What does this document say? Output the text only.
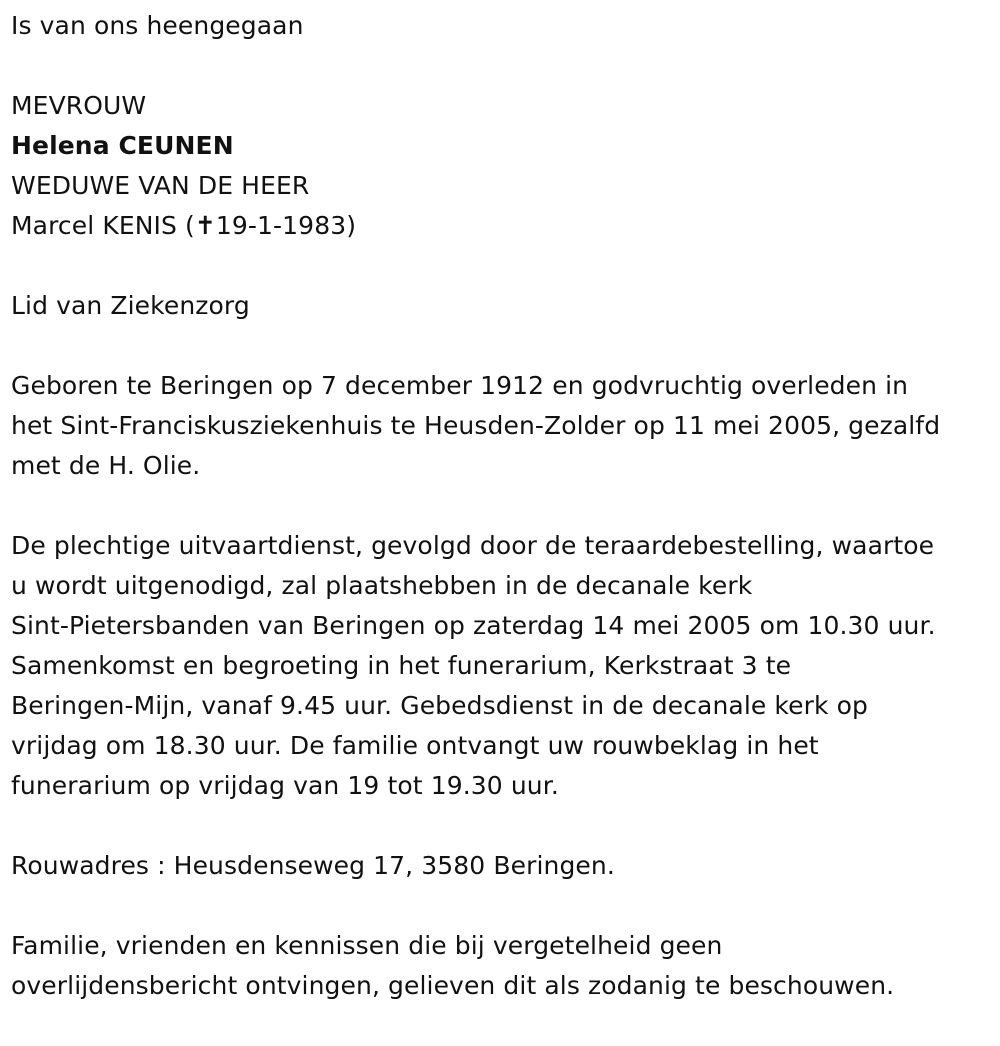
Is van ons heengegaan
MEVROUW
Helena CEUNEN
WEDUWE VAN DE HEER
Marcel KENIS (✝19-1-1983)
Lid van Ziekenzorg
Geboren te Beringen op 7 december 1912 en godvruchtig overleden in
het Sint-Franciskusziekenhuis te Heusden-Zolder op 11 mei 2005, gezalfd
met de H. Olie.
De plechtige uitvaartdienst, gevolgd door de teraardebestelling, waartoe
u wordt uitgenodigd, zal plaatshebben in de decanale kerk
Sint-Pietersbanden van Beringen op zaterdag 14 mei 2005 om 10.30 uur.
Samenkomst en begroeting in het funerarium, Kerkstraat 3 te
Beringen-Mijn, vanaf 9.45 uur. Gebedsdienst in de decanale kerk op
vrijdag om 18.30 uur. De familie ontvangt uw rouwbeklag in het
funerarium op vrijdag van 19 tot 19.30 uur.
Rouwadres : Heusdenseweg 17, 3580 Beringen.
Familie, vrienden en kennissen die bij vergetelheid geen
overlijdensbericht ontvingen, gelieven dit als zodanig te beschouwen.
